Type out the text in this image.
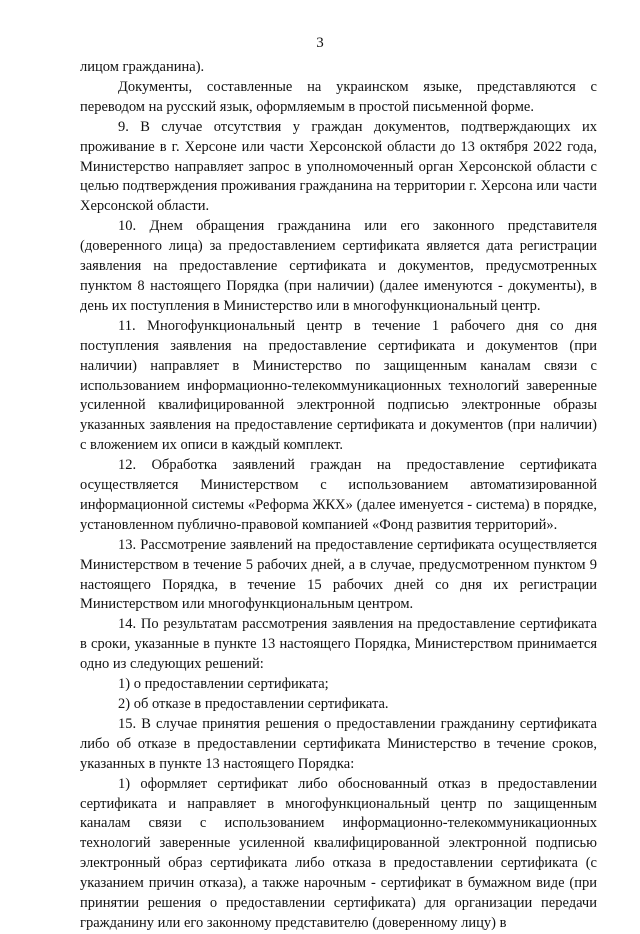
3

лицом гражданина).

Документы, составленные на украинском языке, представляются с переводом на русский язык, оформляемым в простой письменной форме.

9. В случае отсутствия у граждан документов, подтверждающих их проживание в г. Херсоне или части Херсонской области до 13 октября 2022 года, Министерство направляет запрос в уполномоченный орган Херсонской области с целью подтверждения проживания гражданина на территории г. Херсона или части Херсонской области.

10. Днем обращения гражданина или его законного представителя (доверенного лица) за предоставлением сертификата является дата регистрации заявления на предоставление сертификата и документов, предусмотренных пунктом 8 настоящего Порядка (при наличии) (далее именуются - документы), в день их поступления в Министерство или в многофункциональный центр.

11. Многофункциональный центр в течение 1 рабочего дня со дня поступления заявления на предоставление сертификата и документов (при наличии) направляет в Министерство по защищенным каналам связи с использованием информационно-телекоммуникационных технологий заверенные усиленной квалифицированной электронной подписью электронные образы указанных заявления на предоставление сертификата и документов (при наличии) с вложением их описи в каждый комплект.

12. Обработка заявлений граждан на предоставление сертификата осуществляется Министерством с использованием автоматизированной информационной системы «Реформа ЖКХ» (далее именуется - система) в порядке, установленном публично-правовой компанией «Фонд развития территорий».

13. Рассмотрение заявлений на предоставление сертификата осуществляется Министерством в течение 5 рабочих дней, а в случае, предусмотренном пунктом 9 настоящего Порядка, в течение 15 рабочих дней со дня их регистрации Министерством или многофункциональным центром.

14. По результатам рассмотрения заявления на предоставление сертификата в сроки, указанные в пункте 13 настоящего Порядка, Министерством принимается одно из следующих решений:

1) о предоставлении сертификата;

2) об отказе в предоставлении сертификата.

15. В случае принятия решения о предоставлении гражданину сертификата либо об отказе в предоставлении сертификата Министерство в течение сроков, указанных в пункте 13 настоящего Порядка:

1) оформляет сертификат либо обоснованный отказ в предоставлении сертификата и направляет в многофункциональный центр по защищенным каналам связи с использованием информационно-телекоммуникационных технологий заверенные усиленной квалифицированной электронной подписью электронный образ сертификата либо отказа в предоставлении сертификата (с указанием причин отказа), а также нарочным - сертификат в бумажном виде (при принятии решения о предоставлении сертификата) для организации передачи гражданину или его законному представителю (доверенному лицу) в
